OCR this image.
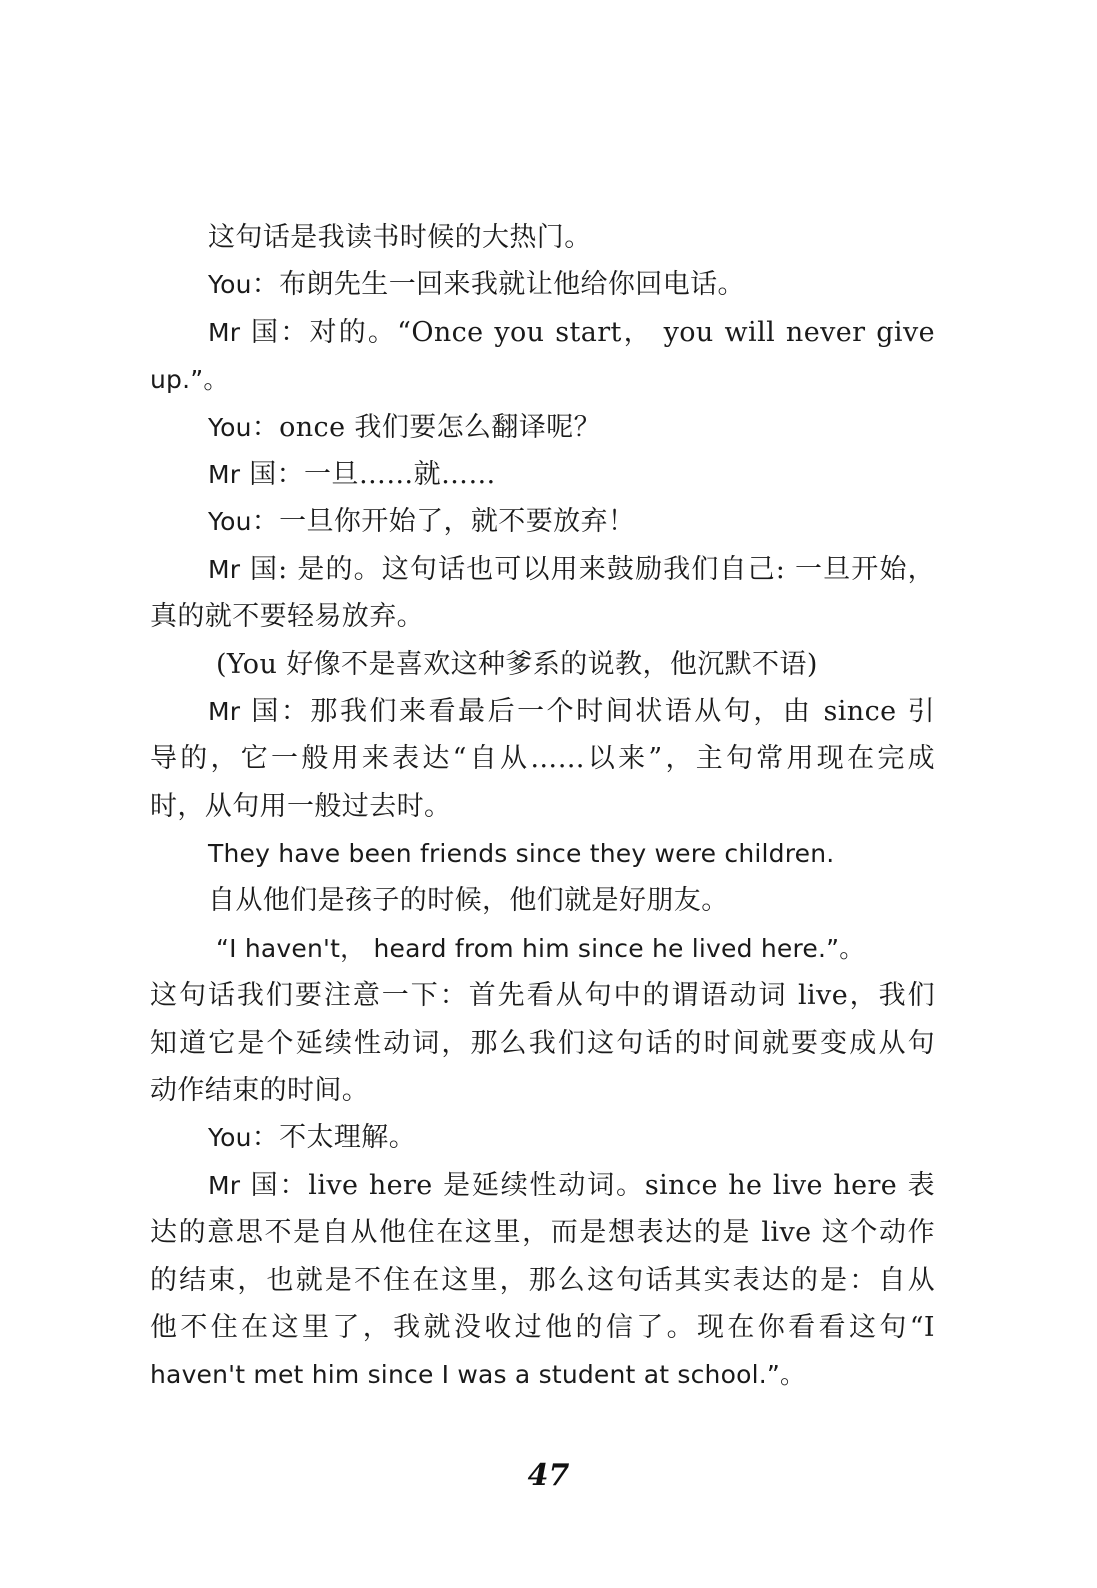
这句话是我读书时候的大热门。
You：布朗先生一回来我就让他给你回电话。
Mr 国：对的。“Once you start， you will never give
up.”。
You：once 我们要怎么翻译呢？
Mr 国：一旦……就……
You：一旦你开始了，就不要放弃！
Mr 国: 是的。这句话也可以用来鼓励我们自己: 一旦开始，
真的就不要轻易放弃。
(You 好像不是喜欢这种爹系的说教，他沉默不语)
Mr 国：那我们来看最后一个时间状语从句，由 since 引
导的，它一般用来表达“自从……以来”，主句常用现在完成
时，从句用一般过去时。
They have been friends since they were children.
自从他们是孩子的时候，他们就是好朋友。
“I haven't， heard from him since he lived here.”。
这句话我们要注意一下：首先看从句中的谓语动词 live，我们
知道它是个延续性动词，那么我们这句话的时间就要变成从句
动作结束的时间。
You：不太理解。
Mr 国：live here 是延续性动词。since he live here 表
达的意思不是自从他住在这里，而是想表达的是 live 这个动作
的结束，也就是不住在这里，那么这句话其实表达的是：自从
他不住在这里了，我就没收过他的信了。现在你看看这句“I
haven't met him since I was a student at school.”。
47
